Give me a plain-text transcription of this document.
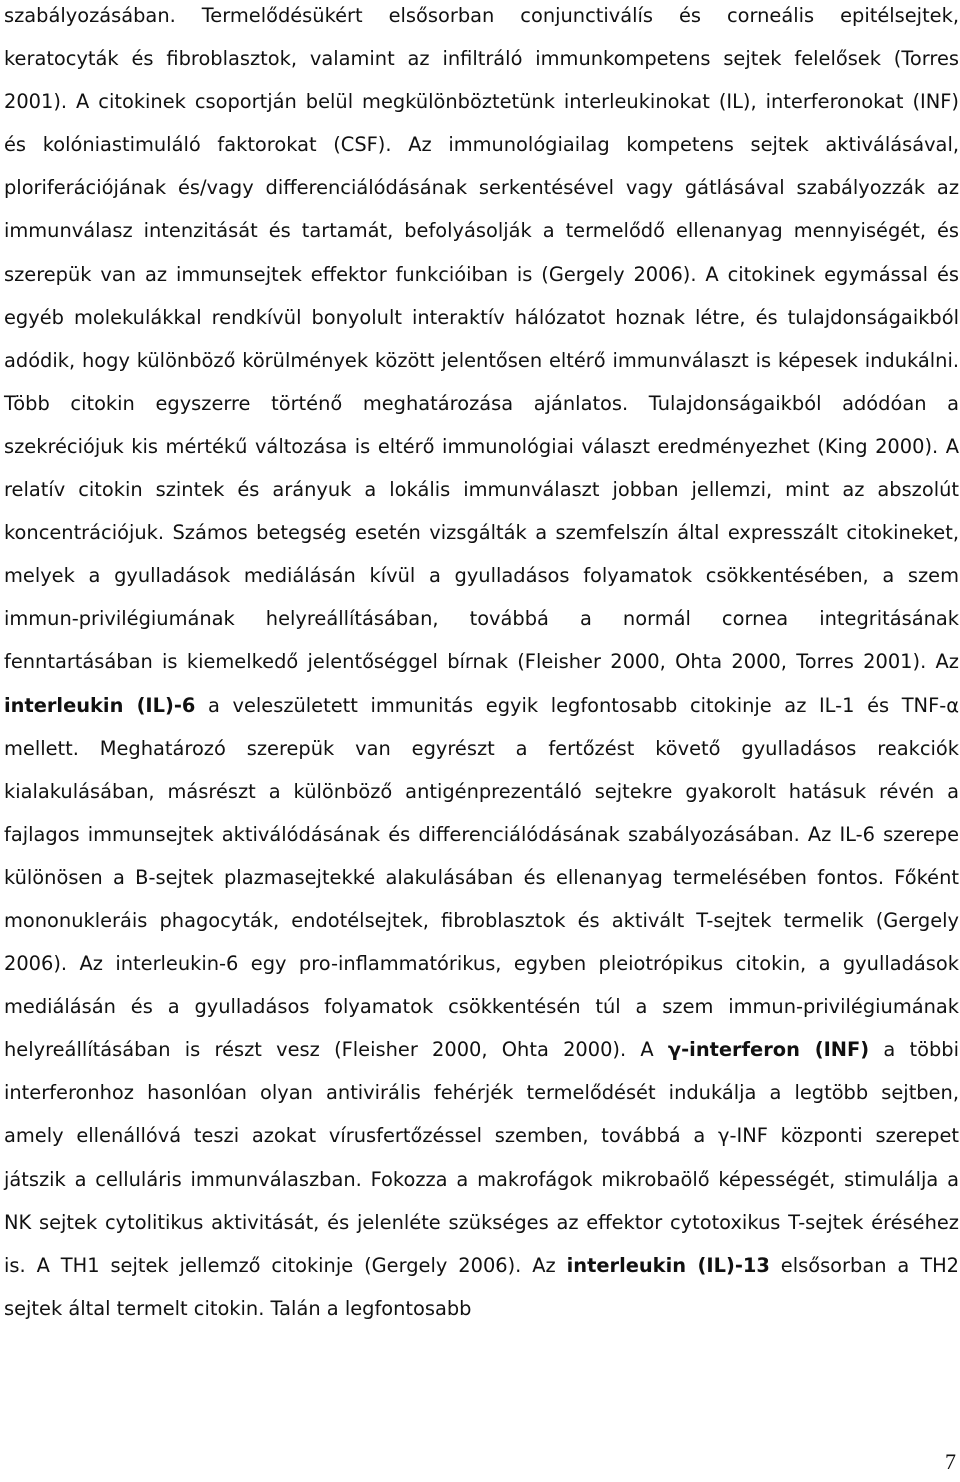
szabályozásában. Termelődésükért elsősorban conjunctiválís és corneális epitélsejtek, keratocyták és fibroblasztok, valamint az infiltráló immunkompetens sejtek felelősek (Torres 2001). A citokinek csoportján belül megkülönböztetünk interleukinokat (IL), interferonokat (INF) és kolóniastimuláló faktorokat (CSF). Az immunológiailag kompetens sejtek aktiválásával, ploriferációjának és/vagy differenciálódásának serkentésével vagy gátlásával szabályozzák az immunválasz intenzitását és tartamát, befolyásolják a termelődő ellenanyag mennyiségét, és szerepük van az immunsejtek effektor funkcióiban is (Gergely 2006). A citokinek egymással és egyéb molekulákkal rendkívül bonyolult interaktív hálózatot hoznak létre, és tulajdonságaikból adódik, hogy különböző körülmények között jelentősen eltérő immunválaszt is képesek indukálni. Több citokin egyszerre történő meghatározása ajánlatos. Tulajdonságaikból adódóan a szekréciójuk kis mértékű változása is eltérő immunológiai választ eredményezhet (King 2000). A relatív citokin szintek és arányuk a lokális immunválaszt jobban jellemzi, mint az abszolút koncentrációjuk. Számos betegség esetén vizsgálták a szemfelszín által expresszált citokineket, melyek a gyulladások mediálásán kívül a gyulladásos folyamatok csökkentésében, a szem immun-privilégiumának helyreállításában, továbbá a normál cornea integritásának fenntartásában is kiemelkedő jelentőséggel bírnak (Fleisher 2000, Ohta 2000, Torres 2001). Az interleukin (IL)-6 a veleszületett immunitás egyik legfontosabb citokinje az IL-1 és TNF-α mellett. Meghatározó szerepük van egyrészt a fertőzést követő gyulladásos reakciók kialakulásában, másrészt a különböző antigénprezentáló sejtekre gyakorolt hatásuk révén a fajlagos immunsejtek aktiválódásának és differenciálódásának szabályozásában. Az IL-6 szerepe különösen a B-sejtek plazmasejtekké alakulásában és ellenanyag termelésében fontos. Főként mononukleráis phagocyták, endotélsejtek, fibroblasztok és aktivált T-sejtek termelik (Gergely 2006). Az interleukin-6 egy pro-inflammatórikus, egyben pleiotrópikus citokin, a gyulladások mediálásán és a gyulladásos folyamatok csökkentésén túl a szem immun-privilégiumának helyreállításában is részt vesz (Fleisher 2000, Ohta 2000). A γ-interferon (INF) a többi interferonhoz hasonlóan olyan antivirális fehérjék termelődését indukálja a legtöbb sejtben, amely ellenállóvá teszi azokat vírusfertőzéssel szemben, továbbá a γ-INF központi szerepet játszik a celluláris immunválaszban. Fokozza a makrofágok mikrobaölő képességét, stimulálja a NK sejtek cytolitikus aktivitását, és jelenléte szükséges az effektor cytotoxikus T-sejtek éréséhez is. A TH1 sejtek jellemző citokinje (Gergely 2006). Az interleukin (IL)-13 elsősorban a TH2 sejtek által termelt citokin. Talán a legfontosabb

7
